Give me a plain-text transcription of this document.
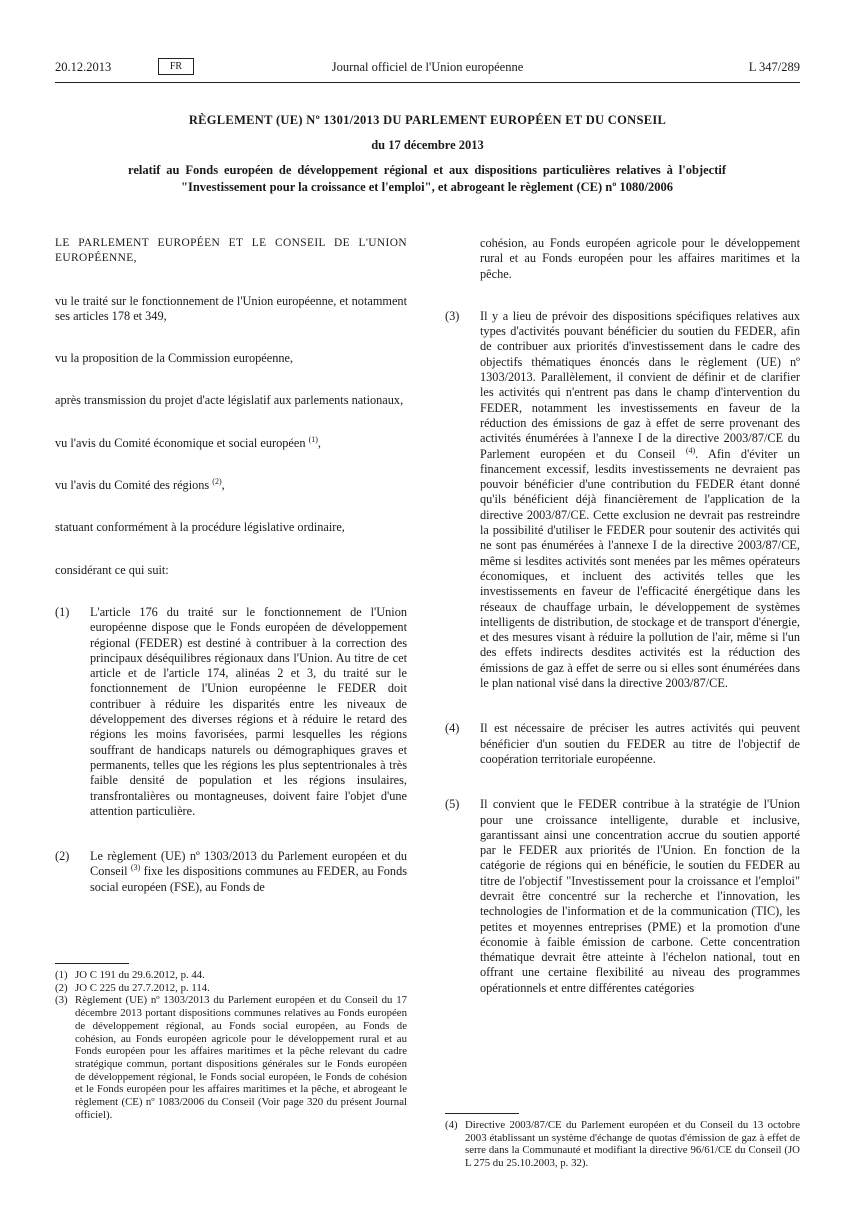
20.12.2013	FR	Journal officiel de l'Union européenne	L 347/289
RÈGLEMENT (UE) Nº 1301/2013 DU PARLEMENT EUROPÉEN ET DU CONSEIL
du 17 décembre 2013
relatif au Fonds européen de développement régional et aux dispositions particulières relatives à l'objectif "Investissement pour la croissance et l'emploi", et abrogeant le règlement (CE) nº 1080/2006

LE PARLEMENT EUROPÉEN ET LE CONSEIL DE L'UNION EUROPÉENNE,

vu le traité sur le fonctionnement de l'Union européenne, et notamment ses articles 178 et 349,

vu la proposition de la Commission européenne,

après transmission du projet d'acte législatif aux parlements nationaux,

vu l'avis du Comité économique et social européen $^{(1)}$,

vu l'avis du Comité des régions $^{(2)}$,

statuant conformément à la procédure législative ordinaire,

considérant ce qui suit:

(1) L'article 176 du traité sur le fonctionnement de l'Union européenne dispose que le Fonds européen de développement régional (FEDER) est destiné à contribuer à la correction des principaux déséquilibres régionaux dans l'Union. Au titre de cet article et de l'article 174, alinéas 2 et 3, du traité sur le fonctionnement de l'Union européenne le FEDER doit contribuer à réduire les disparités entre les niveaux de développement des diverses régions et à réduire le retard des régions les moins favorisées, parmi lesquelles les régions souffrant de handicaps naturels ou démographiques graves et permanents, telles que les régions les plus septentrionales à très faible densité de population et les régions insulaires, transfrontalières ou montagneuses, doivent faire l'objet d'une attention particulière.
(2) Le règlement (UE) nº 1303/2013 du Parlement européen et du Conseil $^{(3)}$ fixe les dispositions communes au FEDER, au Fonds social européen (FSE), au Fonds de

(1) JO C 191 du 29.6.2012, p. 44.

(2) JO C 225 du 27.7.2012, p. 114.

(3) Règlement (UE) nº 1303/2013 du Parlement européen et du Conseil du 17 décembre 2013 portant dispositions communes relatives au Fonds européen de développement régional, au Fonds social européen, au Fonds de cohésion, au Fonds européen agricole pour le développement rural et au Fonds européen pour les affaires maritimes et la pêche relevant du cadre stratégique commun, portant dispositions générales sur le Fonds européen de développement régional, le Fonds social européen, le Fonds de cohésion et le Fonds européen pour les affaires maritimes et la pêche, et abrogeant le règlement (CE) nº 1083/2006 du Conseil (Voir page 320 du présent Journal officiel).

cohésion, au Fonds européen agricole pour le développement rural et au Fonds européen pour les affaires maritimes et la pêche.

(3) Il y a lieu de prévoir des dispositions spécifiques relatives aux types d'activités pouvant bénéficier du soutien du FEDER, afin de contribuer aux priorités d'investissement dans le cadre des objectifs thématiques énoncés dans le règlement (UE) nº 1303/2013. Parallèlement, il convient de définir et de clarifier les activités qui n'entrent pas dans le champ d'intervention du FEDER, notamment les investissements en faveur de la réduction des émissions de gaz à effet de serre provenant des activités énumérées à l'annexe I de la directive 2003/87/CE du Parlement européen et du Conseil $^{(4)}$. Afin d'éviter un financement excessif, lesdits investissements ne devraient pas pouvoir bénéficier d'une contribution du FEDER étant donné qu'ils bénéficient déjà financièrement de l'application de la directive 2003/87/CE. Cette exclusion ne devrait pas restreindre la possibilité d'utiliser le FEDER pour soutenir des activités qui ne sont pas énumérées à l'annexe I de la directive 2003/87/CE, même si lesdites activités sont menées par les mêmes opérateurs économiques, et incluent des activités telles que les investissements en faveur de l'efficacité énergétique dans les réseaux de chauffage urbain, le développement de systèmes intelligents de distribution, de stockage et de transport d'énergie, et des mesures visant à réduire la pollution de l'air, même si l'un des effets indirects desdites activités est la réduction des émissions de gaz à effet de serre ou si elles sont énumérées dans le plan national visé dans la directive 2003/87/CE.
(4) Il est nécessaire de préciser les autres activités qui peuvent bénéficier d'un soutien du FEDER au titre de l'objectif de coopération territoriale européenne.
(5) Il convient que le FEDER contribue à la stratégie de l'Union pour une croissance intelligente, durable et inclusive, garantissant ainsi une concentration accrue du soutien apporté par le FEDER aux priorités de l'Union. En fonction de la catégorie de régions qui en bénéficie, le soutien du FEDER au titre de l'objectif "Investissement pour la croissance et l'emploi" devrait être concentré sur la recherche et l'innovation, les technologies de l'information et de la communication (TIC), les petites et moyennes entreprises (PME) et la promotion d'une économie à faible émission de carbone. Cette concentration thématique devrait être atteinte à l'échelon national, tout en offrant une certaine flexibilité au niveau des programmes opérationnels et entre différentes catégories

(4) Directive 2003/87/CE du Parlement européen et du Conseil du 13 octobre 2003 établissant un système d'échange de quotas d'émission de gaz à effet de serre dans la Communauté et modifiant la directive 96/61/CE du Conseil (JO L 275 du 25.10.2003, p. 32).
